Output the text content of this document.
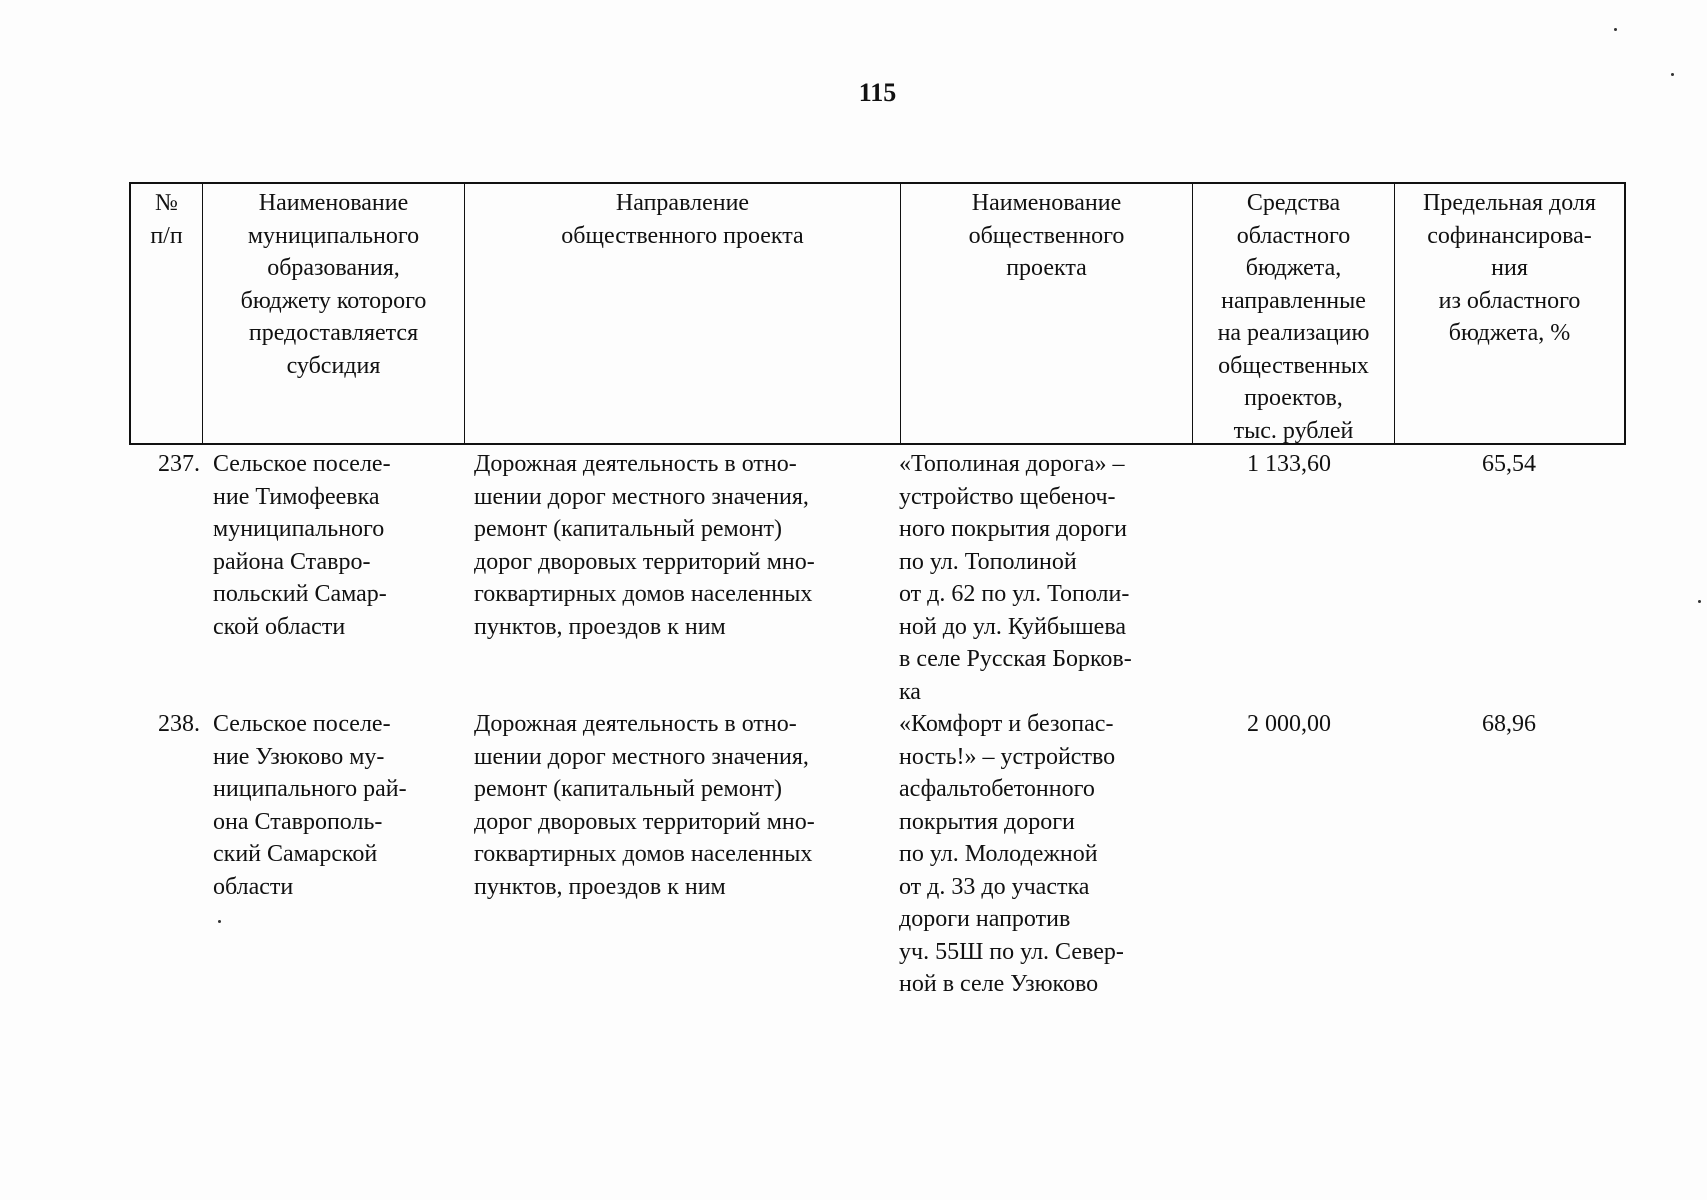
115
№
п/п
Наименование
муниципального
образования,
бюджету которого
предоставляется
субсидия
Направление
общественного проекта
Наименование
общественного
проекта
Средства
областного
бюджета,
направленные
на реализацию
общественных
проектов,
тыс. рублей
Предельная доля
софинансирова-
ния
из областного
бюджета, %
237. Сельское поселе-
ние Тимофеевка
муниципального
района Ставро-
польский Самар-
ской области
Дорожная деятельность в отно-
шении дорог местного значения,
ремонт (капитальный ремонт)
дорог дворовых территорий мно-
гоквартирных домов населенных
пунктов, проездов к ним
«Тополиная дорога» –
устройство щебеноч-
ного покрытия дороги
по ул. Тополиной
от д. 62 по ул. Тополи-
ной до ул. Куйбышева
в селе Русская Борков-
ка
1 133,60	65,54
238. Сельское поселе-
ние Узюково му-
ниципального рай-
она Ставрополь-
ский Самарской
области
Дорожная деятельность в отно-
шении дорог местного значения,
ремонт (капитальный ремонт)
дорог дворовых территорий мно-
гоквартирных домов населенных
пунктов, проездов к ним
«Комфорт и безопас-
ность!» – устройство
асфальтобетонного
покрытия дороги
по ул. Молодежной
от д. 33 до участка
дороги напротив
уч. 55Ш по ул. Север-
ной в селе Узюково
2 000,00	68,96
